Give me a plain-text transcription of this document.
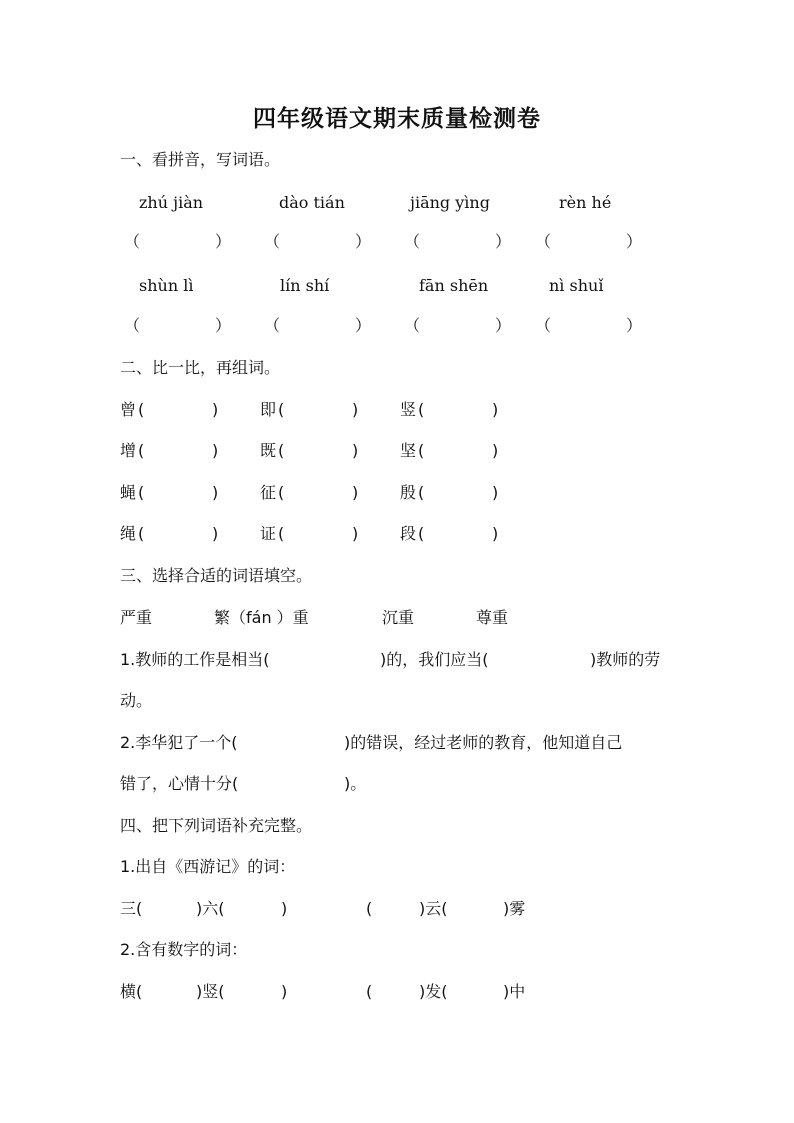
四年级语文期末质量检测卷
一、看拼音，写词语。
zhú jiàn	dào tián	jiāng yìng	rèn hé
（	） （	） （	） （	）
shùn lì	lín shí	fān shēn	nì shuǐ
（	） （	） （	） （	）
二、比一比，再组词。
曾 (	)	即 (	)	竖 (	)
增 (	)	既 (	)	坚 (	)
蝇 (	)	征 (	)	殷 (	)
绳 (	)	证 (	)	段 (	)
三、选择合适的词语填空。
严重	繁（fán ）重	沉重	尊重
1.教师的工作是相当(	)的，我们应当(	)教师的劳
动。
2.李华犯了一个(	)的错误，经过老师的教育，他知道自己
错了，心情十分(	)。
四、把下列词语补充完整。
1.出自《西游记》的词：
三(	)六(	)	(	)云(	)雾
2.含有数字的词：
横(	)竖(	)	(	)发(	)中
